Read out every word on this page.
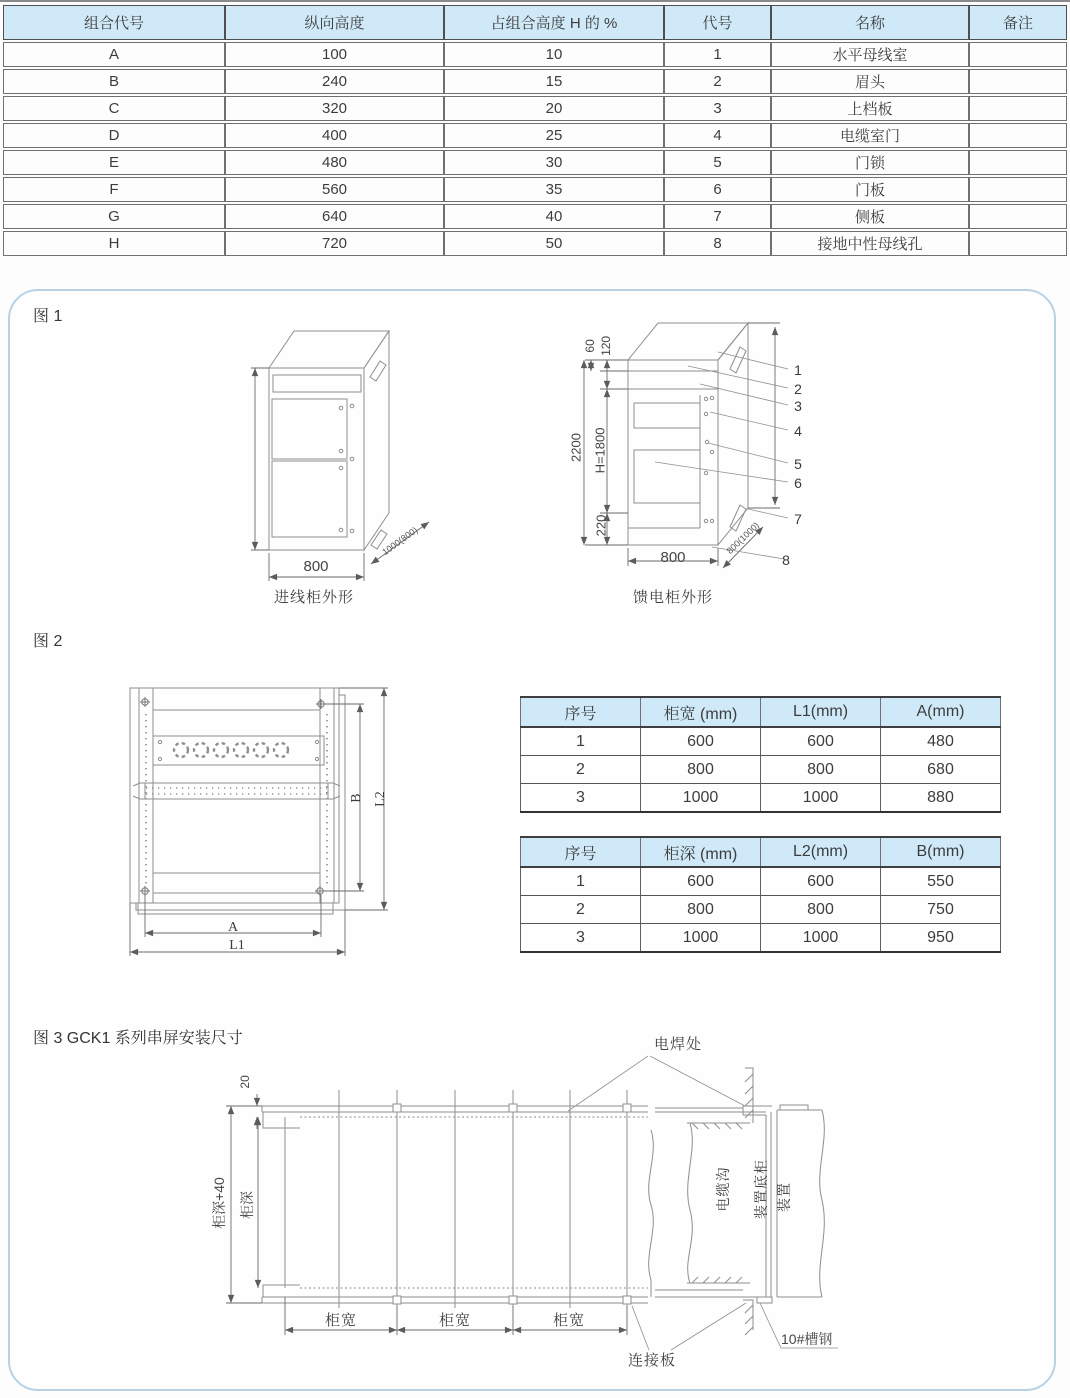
组合代号	纵向高度	占组合高度 H 的 %	代号	名称	备注
A	100	10	1	水平母线室	
B	240	15	2	眉头	
C	320	20	3	上档板	
D	400	25	4	电缆室门	
E	480	30	5	门锁	
F	560	35	6	门板	
G	640	40	7	侧板	
H	720	50	8	接地中性母线孔	
图 1
图 2
图 3 GCK1 系列串屏安装尺寸
进线柜外形
800
1000(800)
馈电柜外形
60 120
2200 H=1800
220
800
800(1000)
1
2
3
4
5
6
7
8
A
L1
B L2
序号	柜宽 (mm)	L1(mm)	A(mm)
1	600	600	480
2	800	800	680
3	1000	1000	880
序号	柜深 (mm)	L2(mm)	B(mm)
1	600	600	550
2	800	800	750
3	1000	1000	950
20
柜深+40 柜深
柜宽	柜宽	柜宽
电焊处
电缆沟 装置底柜 装置
10#槽钢
连接板
